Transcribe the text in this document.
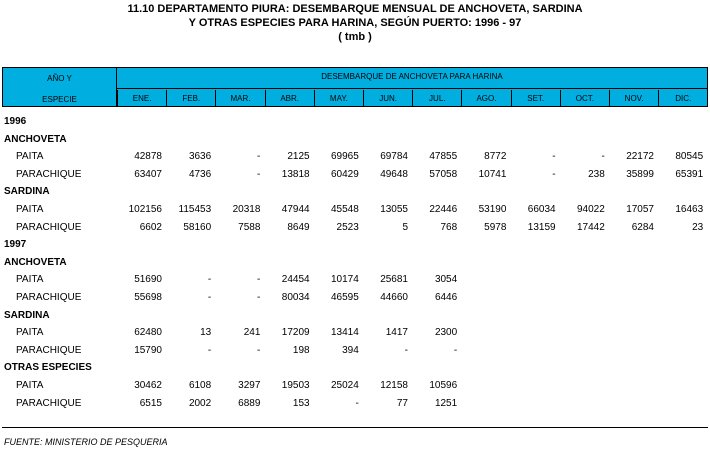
11.10 DEPARTAMENTO PIURA: DESEMBARQUE MENSUAL DE ANCHOVETA, SARDINA
Y OTRAS ESPECIES PARA HARINA, SEGÚN PUERTO: 1996 - 97
( tmb )
AÑO Y
ESPECIE
DESEMBARQUE DE ANCHOVETA PARA HARINA
ENE.	FEB.	MAR.	ABR.	MAY.	JUN.	JUL.	AGO.	SET.	OCT.	NOV.	DIC.
1996
ANCHOVETA
PAITA	42878	3636	-	2125	69965	69784	47855	8772	-	-	22172	80545
PARACHIQUE	63407	4736	-	13818	60429	49648	57058	10741	-	238	35899	65391
SARDINA
PAITA	102156	115453	20318	47944	45548	13055	22446	53190	66034	94022	17057	16463
PARACHIQUE	6602	58160	7588	8649	2523	5	768	5978	13159	17442	6284	23
1997
ANCHOVETA
PAITA	51690	-	-	24454	10174	25681	3054
PARACHIQUE	55698	-	-	80034	46595	44660	6446
SARDINA
PAITA	62480	13	241	17209	13414	1417	2300
PARACHIQUE	15790	-	-	198	394	-	-
OTRAS ESPECIES
PAITA	30462	6108	3297	19503	25024	12158	10596
PARACHIQUE	6515	2002	6889	153	-	77	1251
FUENTE: MINISTERIO DE PESQUERIA
